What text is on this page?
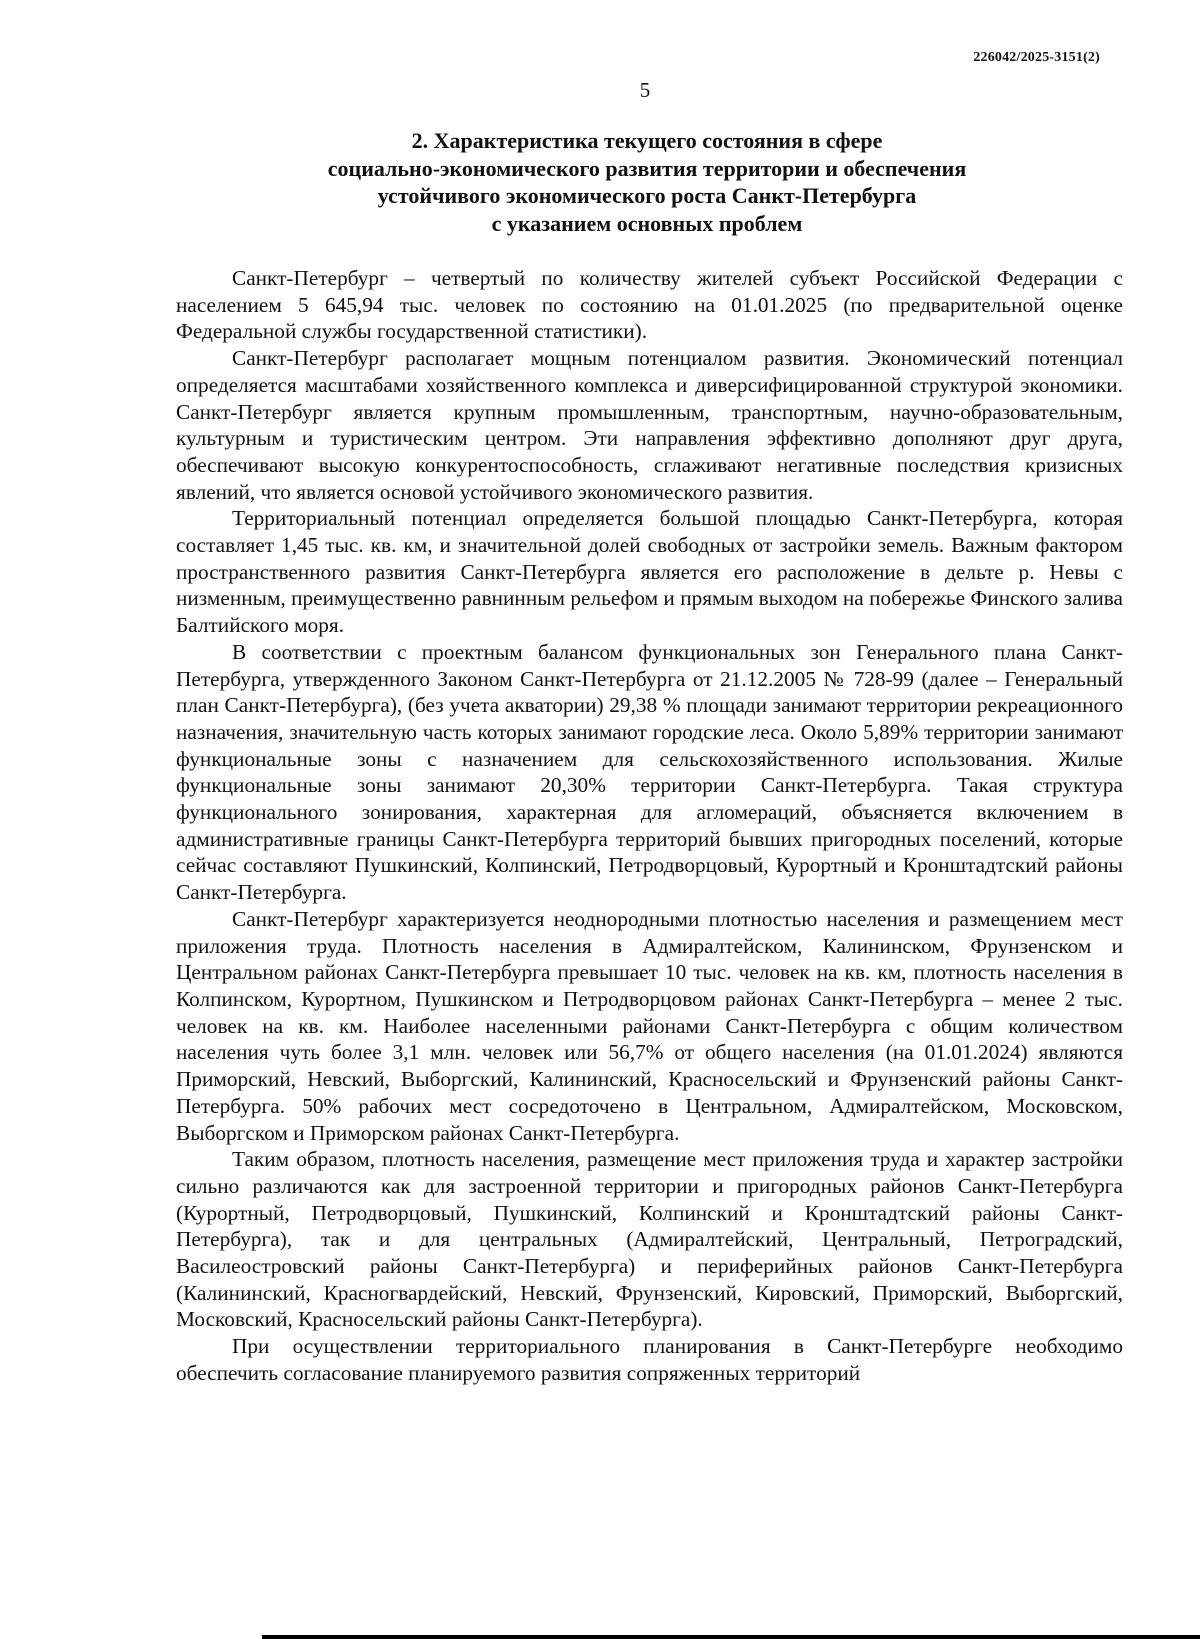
226042/2025-3151(2)
5
2. Характеристика текущего состояния в сфере
социально-экономического развития территории и обеспечения
устойчивого экономического роста Санкт-Петербурга
с указанием основных проблем

Санкт-Петербург – четвертый по количеству жителей субъект Российской Федерации с населением 5 645,94 тыс. человек по состоянию на 01.01.2025 (по предварительной оценке Федеральной службы государственной статистики).

Санкт-Петербург располагает мощным потенциалом развития. Экономический потенциал определяется масштабами хозяйственного комплекса и диверсифицированной структурой экономики. Санкт-Петербург является крупным промышленным, транспортным, научно-образовательным, культурным и туристическим центром. Эти направления эффективно дополняют друг друга, обеспечивают высокую конкурентоспособность, сглаживают негативные последствия кризисных явлений, что является основой устойчивого экономического развития.

Территориальный потенциал определяется большой площадью Санкт-Петербурга, которая составляет 1,45 тыс. кв. км, и значительной долей свободных от застройки земель. Важным фактором пространственного развития Санкт-Петербурга является его расположение в дельте р. Невы с низменным, преимущественно равнинным рельефом и прямым выходом на побережье Финского залива Балтийского моря.

В соответствии с проектным балансом функциональных зон Генерального плана Санкт-Петербурга, утвержденного Законом Санкт-Петербурга от 21.12.2005 № 728-99 (далее – Генеральный план Санкт-Петербурга), (без учета акватории) 29,38 % площади занимают территории рекреационного назначения, значительную часть которых занимают городские леса. Около 5,89% территории занимают функциональные зоны с назначением для сельскохозяйственного использования. Жилые функциональные зоны занимают 20,30% территории Санкт-Петербурга. Такая структура функционального зонирования, характерная для агломераций, объясняется включением в административные границы Санкт-Петербурга территорий бывших пригородных поселений, которые сейчас составляют Пушкинский, Колпинский, Петродворцовый, Курортный и Кронштадтский районы Санкт-Петербурга.

Санкт-Петербург характеризуется неоднородными плотностью населения и размещением мест приложения труда. Плотность населения в Адмиралтейском, Калининском, Фрунзенском и Центральном районах Санкт-Петербурга превышает 10 тыс. человек на кв. км, плотность населения в Колпинском, Курортном, Пушкинском и Петродворцовом районах Санкт-Петербурга – менее 2 тыс. человек на кв. км. Наиболее населенными районами Санкт-Петербурга с общим количеством населения чуть более 3,1 млн. человек или 56,7% от общего населения (на 01.01.2024) являются Приморский, Невский, Выборгский, Калининский, Красносельский и Фрунзенский районы Санкт-Петербурга. 50% рабочих мест сосредоточено в Центральном, Адмиралтейском, Московском, Выборгском и Приморском районах Санкт-Петербурга.

Таким образом, плотность населения, размещение мест приложения труда и характер застройки сильно различаются как для застроенной территории и пригородных районов Санкт-Петербурга (Курортный, Петродворцовый, Пушкинский, Колпинский и Кронштадтский районы Санкт-Петербурга), так и для центральных (Адмиралтейский, Центральный, Петроградский, Василеостровский районы Санкт-Петербурга) и периферийных районов Санкт-Петербурга (Калининский, Красногвардейский, Невский, Фрунзенский, Кировский, Приморский, Выборгский, Московский, Красносельский районы Санкт-Петербурга).

При осуществлении территориального планирования в Санкт-Петербурге необходимо обеспечить согласование планируемого развития сопряженных территорий
